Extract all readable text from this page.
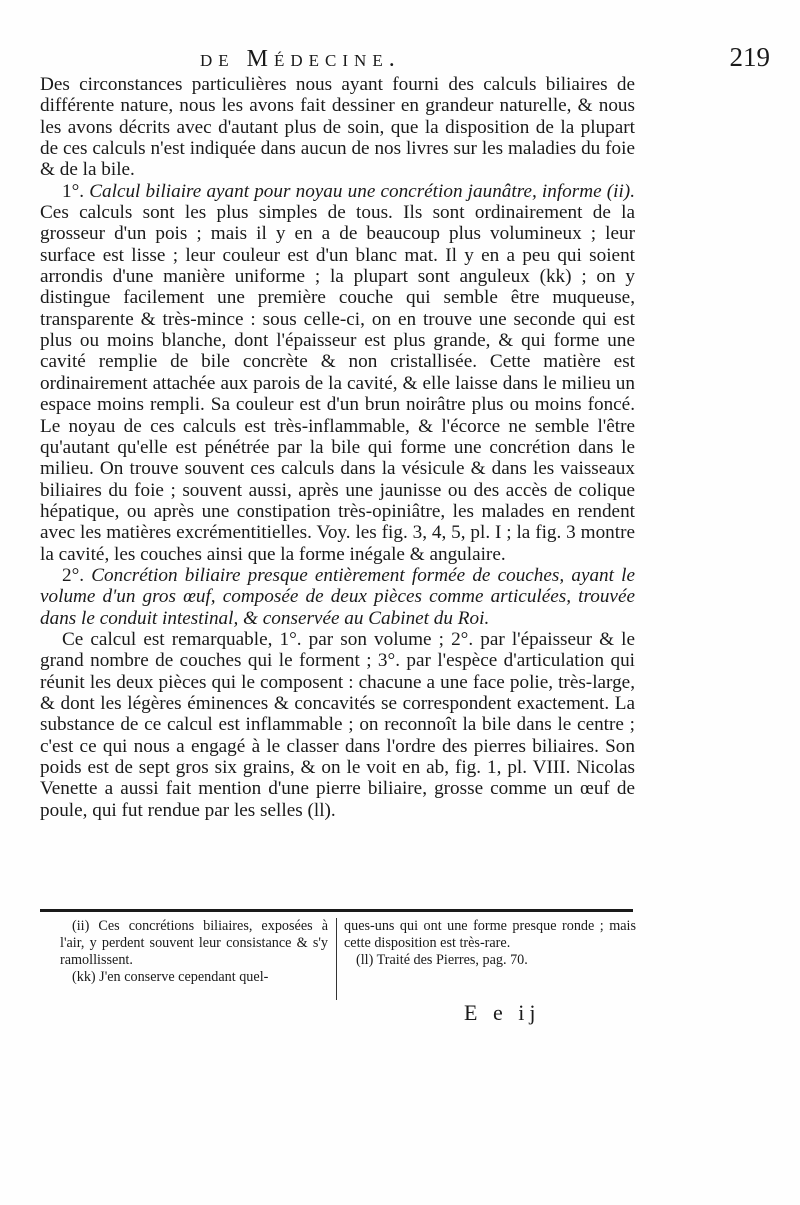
de Médecine.	219

Des circonstances particulières nous ayant fourni des calculs biliaires de différente nature, nous les avons fait dessiner en grandeur naturelle, & nous les avons décrits avec d'autant plus de soin, que la disposition de la plupart de ces calculs n'est indiquée dans aucun de nos livres sur les maladies du foie & de la bile.

1°. Calcul biliaire ayant pour noyau une concrétion jaunâtre, informe (ii). Ces calculs sont les plus simples de tous. Ils sont ordinairement de la grosseur d'un pois ; mais il y en a de beaucoup plus volumineux ; leur surface est lisse ; leur couleur est d'un blanc mat. Il y en a peu qui soient arrondis d'une manière uniforme ; la plupart sont anguleux (kk) ; on y distingue facilement une première couche qui semble être muqueuse, transparente & très-mince : sous celle-ci, on en trouve une seconde qui est plus ou moins blanche, dont l'épaisseur est plus grande, & qui forme une cavité remplie de bile concrète & non cristallisée. Cette matière est ordinairement attachée aux parois de la cavité, & elle laisse dans le milieu un espace moins rempli. Sa couleur est d'un brun noirâtre plus ou moins foncé. Le noyau de ces calculs est très-inflammable, & l'écorce ne semble l'être qu'autant qu'elle est pénétrée par la bile qui forme une concrétion dans le milieu. On trouve souvent ces calculs dans la vésicule & dans les vaisseaux biliaires du foie ; souvent aussi, après une jaunisse ou des accès de colique hépatique, ou après une constipation très-opiniâtre, les malades en rendent avec les matières excrémentitielles. Voy. les fig. 3, 4, 5, pl. I ; la fig. 3 montre la cavité, les couches ainsi que la forme inégale & angulaire.

2°. Concrétion biliaire presque entièrement formée de couches, ayant le volume d'un gros œuf, composée de deux pièces comme articulées, trouvée dans le conduit intestinal, & conservée au Cabinet du Roi.

Ce calcul est remarquable, 1°. par son volume ; 2°. par l'épaisseur & le grand nombre de couches qui le forment ; 3°. par l'espèce d'articulation qui réunit les deux pièces qui le composent : chacune a une face polie, très-large, & dont les légères éminences & concavités se correspondent exactement. La substance de ce calcul est inflammable ; on reconnoît la bile dans le centre ; c'est ce qui nous a engagé à le classer dans l'ordre des pierres biliaires. Son poids est de sept gros six grains, & on le voit en ab, fig. 1, pl. VIII. Nicolas Venette a aussi fait mention d'une pierre biliaire, grosse comme un œuf de poule, qui fut rendue par les selles (ll).

(ii) Ces concrétions biliaires, exposées à l'air, y perdent souvent leur consistance & s'y ramollissent.

(kk) J'en conserve cependant quel-

ques-uns qui ont une forme presque ronde ; mais cette disposition est très-rare.

(ll) Traité des Pierres, pag. 70.

E e ij
